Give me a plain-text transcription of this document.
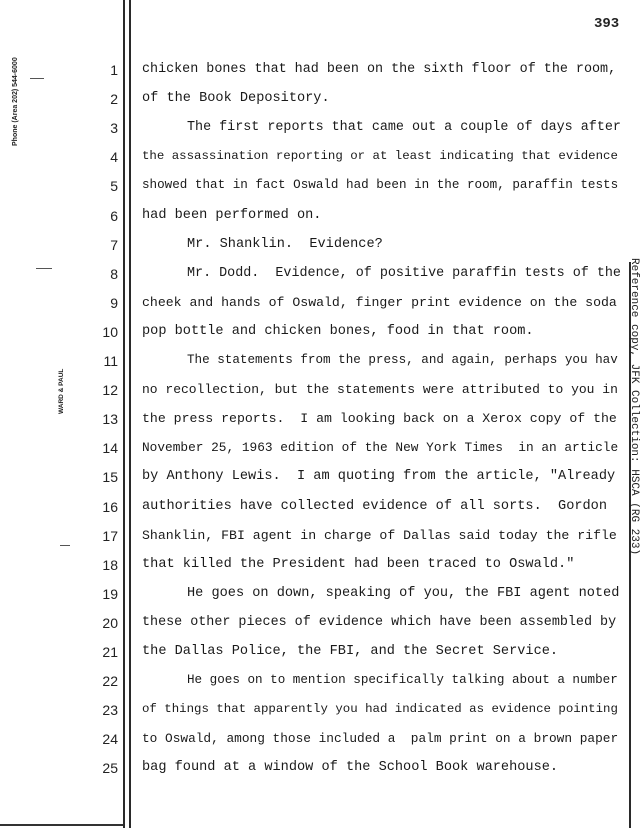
393
Phone (Area 202) 544-6000
WARD & PAUL	Reference copy, JFK Collection: HSCA (RG 233)
1 chicken bones that had been on the sixth floor of the room,
2 of the Book Depository.
3	The first reports that came out a couple of days after
4 the assassination reporting or at least indicating that evidence
5 showed that in fact Oswald had been in the room, paraffin tests
6 had been performed on.
7	Mr. Shanklin.  Evidence?
8	Mr. Dodd.  Evidence, of positive paraffin tests of the
9 cheek and hands of Oswald, finger print evidence on the soda
10 pop bottle and chicken bones, food in that room.
11	The statements from the press, and again, perhaps you hav
12 no recollection, but the statements were attributed to you in
13 the press reports.  I am looking back on a Xerox copy of the
14 November 25, 1963 edition of the New York Times  in an article
15 by Anthony Lewis.  I am quoting from the article, "Already
16 authorities have collected evidence of all sorts.  Gordon
17 Shanklin, FBI agent in charge of Dallas said today the rifle
18 that killed the President had been traced to Oswald."
19	He goes on down, speaking of you, the FBI agent noted
20 these other pieces of evidence which have been assembled by
21 the Dallas Police, the FBI, and the Secret Service.
22	He goes on to mention specifically talking about a number
23 of things that apparently you had indicated as evidence pointing
24 to Oswald, among those included a  palm print on a brown paper
25 bag found at a window of the School Book warehouse.
